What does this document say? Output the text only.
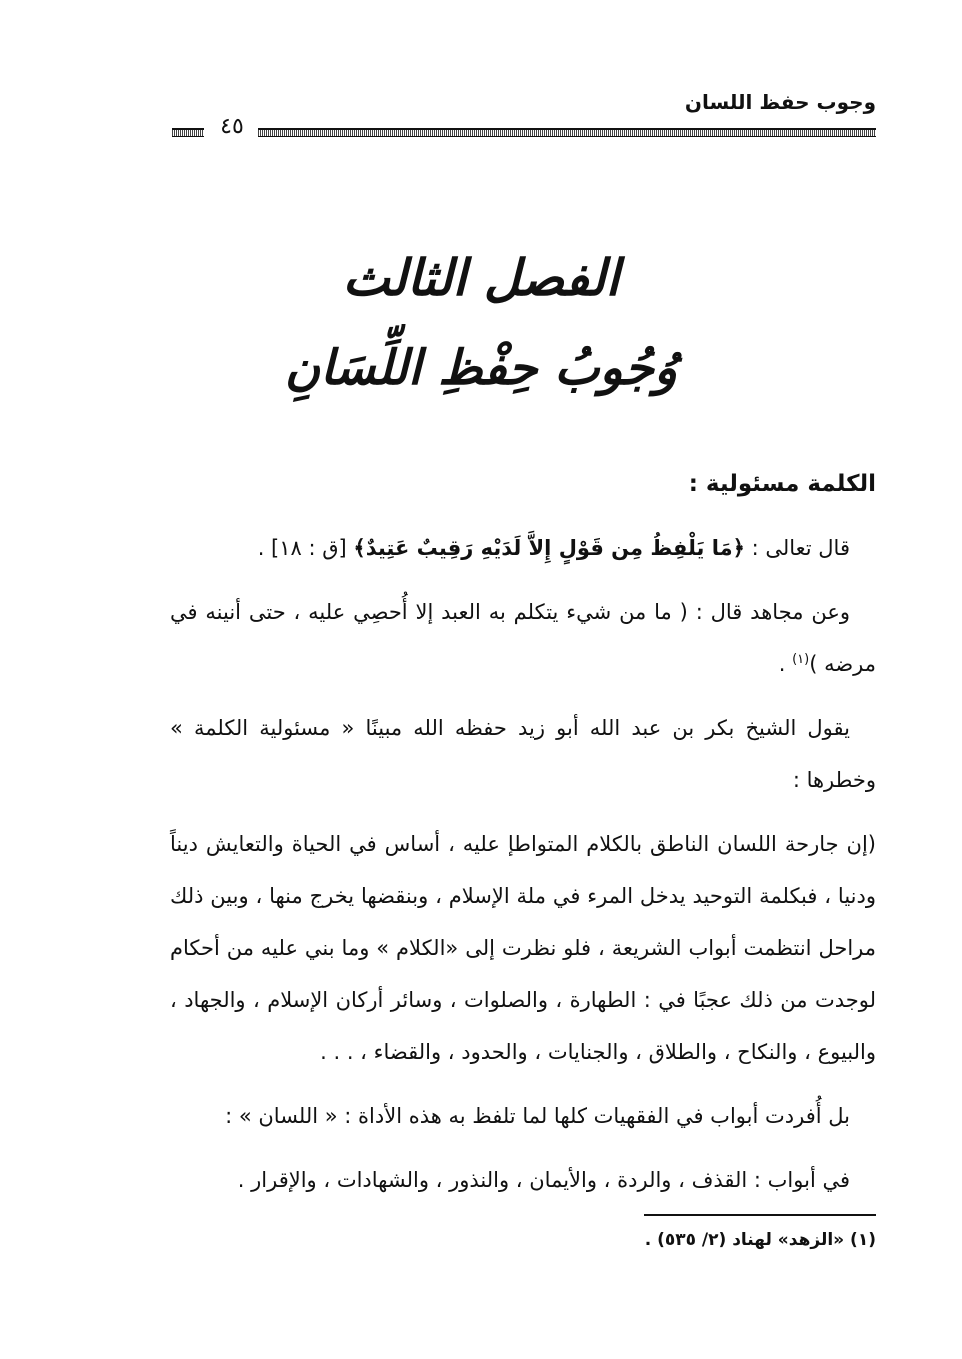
وجوب حفظ اللسان
٤٥
الفصل الثالث
وُجُوبُ حِفْظِ اللِّسَانِ

الكلمة مسئولية :

قال تعالى : ﴿مَا يَلْفِظُ مِن قَوْلٍ إِلاَّ لَدَيْهِ رَقِيبٌ عَتِيدٌ﴾ [ق : ١٨] .

وعن مجاهد قال : ( ما من شيء يتكلم به العبد إلا أُحصِي عليه ، حتى أنينه في مرضه )$^{(١)}$ .

يقول الشيخ بكر بن عبد الله أبو زيد حفظه الله مبينًا « مسئولية الكلمة » وخطرها :

(إن جارحة اللسان الناطق بالكلام المتواطإ عليه ، أساس في الحياة والتعايش ديناً ودنيا ، فبكلمة التوحيد يدخل المرء في ملة الإسلام ، وبنقضها يخرج منها ، وبين ذلك مراحل انتظمت أبواب الشريعة ، فلو نظرت إلى «الكلام » وما بني عليه من أحكام لوجدت من ذلك عجبًا في : الطهارة ، والصلوات ، وسائر أركان الإسلام ، والجهاد ، والبيوع ، والنكاح ، والطلاق ، والجنايات ، والحدود ، والقضاء ، . . .

بل أُفردت أبواب في الفقهيات كلها لما تلفظ به هذه الأداة : « اللسان » :

في أبواب : القذف ، والردة ، والأيمان ، والنذور ، والشهادات ، والإقرار .

(١) «الزهد» لهناد (٢/ ٥٣٥) .
